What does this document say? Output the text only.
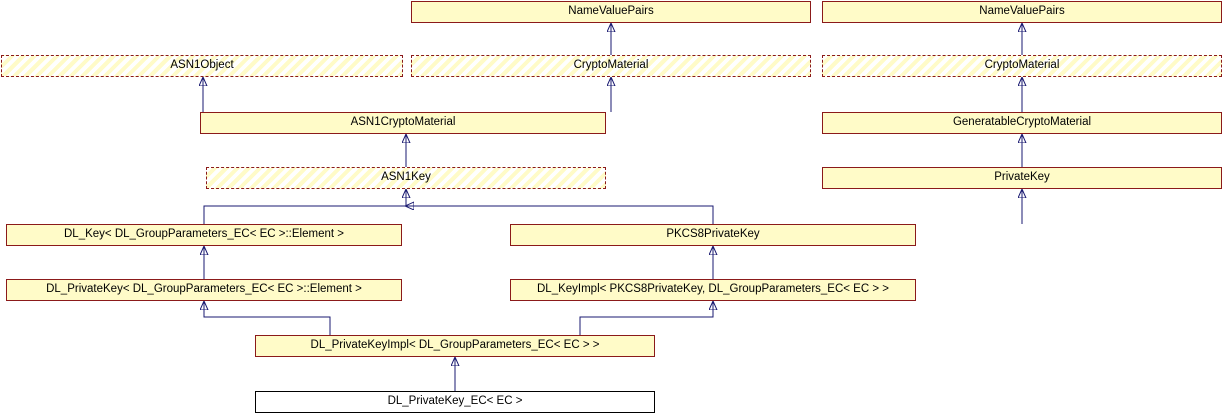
NameValuePairs	NameValuePairs
ASN1Object	CryptoMaterial	CryptoMaterial
ASN1CryptoMaterial	GeneratableCryptoMaterial
ASN1Key	PrivateKey
DL_Key< DL_GroupParameters_EC< EC >::Element >	PKCS8PrivateKey
DL_PrivateKey< DL_GroupParameters_EC< EC >::Element >	DL_KeyImpl< PKCS8PrivateKey, DL_GroupParameters_EC< EC > >
DL_PrivateKeyImpl< DL_GroupParameters_EC< EC > >
DL_PrivateKey_EC< EC >
